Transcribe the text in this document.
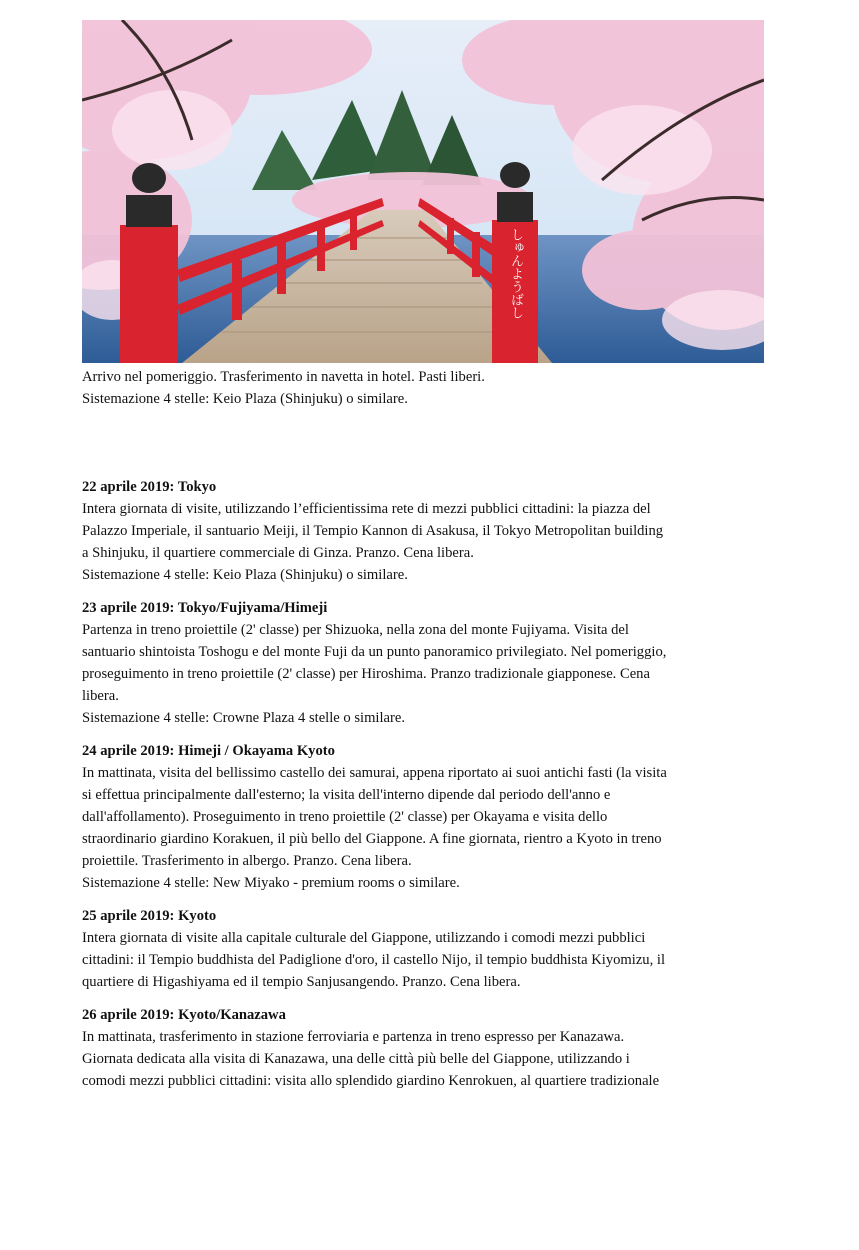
しゅんようばし
Arrivo nel pomeriggio. Trasferimento in navetta in hotel. Pasti liberi.
Sistemazione 4 stelle: Keio Plaza (Shinjuku) o similare.
22 aprile 2019: Tokyo
Intera giornata di visite, utilizzando l’efficientissima rete di mezzi pubblici cittadini: la piazza del
Palazzo Imperiale, il santuario Meiji, il Tempio Kannon di Asakusa, il Tokyo Metropolitan building
a Shinjuku, il quartiere commerciale di Ginza. Pranzo. Cena libera.
Sistemazione 4 stelle: Keio Plaza (Shinjuku) o similare.
23 aprile 2019: Tokyo/Fujiyama/Himeji
Partenza in treno proiettile (2' classe) per Shizuoka, nella zona del monte Fujiyama. Visita del
santuario shintoista Toshogu e del monte Fuji da un punto panoramico privilegiato. Nel pomeriggio,
proseguimento in treno proiettile (2' classe) per Hiroshima. Pranzo tradizionale giapponese. Cena
libera.
Sistemazione 4 stelle: Crowne Plaza 4 stelle o similare.
24 aprile 2019: Himeji / Okayama Kyoto
In mattinata, visita del bellissimo castello dei samurai, appena riportato ai suoi antichi fasti (la visita
si effettua principalmente dall'esterno; la visita dell'interno dipende dal periodo dell'anno e
dall'affollamento). Proseguimento in treno proiettile (2' classe) per Okayama e visita dello
straordinario giardino Korakuen, il più bello del Giappone. A fine giornata, rientro a Kyoto in treno
proiettile. Trasferimento in albergo. Pranzo. Cena libera.
Sistemazione 4 stelle: New Miyako - premium rooms o similare.
25 aprile 2019: Kyoto
Intera giornata di visite alla capitale culturale del Giappone, utilizzando i comodi mezzi pubblici
cittadini: il Tempio buddhista del Padiglione d'oro, il castello Nijo, il tempio buddhista Kiyomizu, il
quartiere di Higashiyama ed il tempio Sanjusangendo. Pranzo. Cena libera.
26 aprile 2019: Kyoto/Kanazawa
In mattinata, trasferimento in stazione ferroviaria e partenza in treno espresso per Kanazawa.
Giornata dedicata alla visita di Kanazawa, una delle città più belle del Giappone, utilizzando i
comodi mezzi pubblici cittadini: visita allo splendido giardino Kenrokuen, al quartiere tradizionale
